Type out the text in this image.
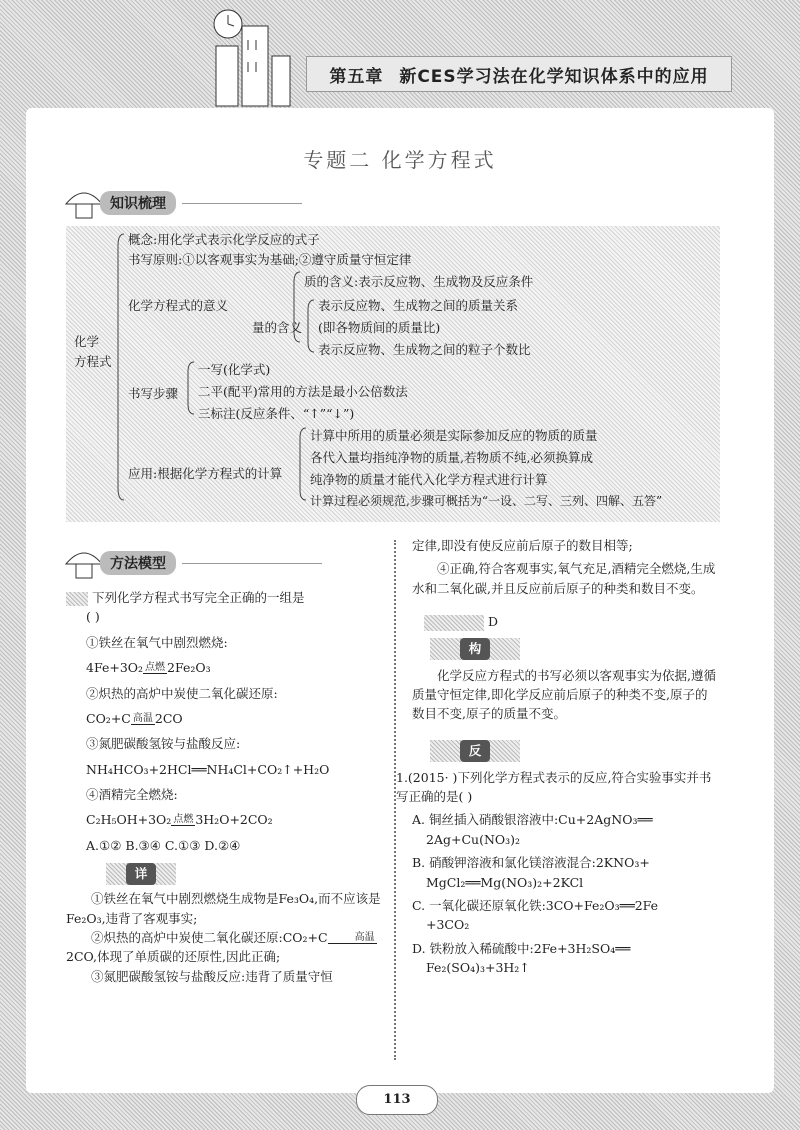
第五章 新CES学习法在化学知识体系中的应用
专题二 化学方程式
知识梳理
化学
方程式
概念:用化学式表示化学反应的式子
书写原则:①以客观事实为基础;②遵守质量守恒定律
化学方程式的意义
质的含义:表示反应物、生成物及反应条件
量的含义
表示反应物、生成物之间的质量关系
(即各物质间的质量比)
表示反应物、生成物之间的粒子个数比
书写步骤
一写(化学式)
二平(配平)常用的方法是最小公倍数法
三标注(反应条件、“↑”“↓”)
应用:根据化学方程式的计算
计算中所用的质量必须是实际参加反应的物质的质量
各代入量均指纯净物的质量,若物质不纯,必须换算成
纯净物的质量才能代入化学方程式进行计算
计算过程必须规范,步骤可概括为“一设、二写、三列、四解、五答”
方法模型

下列化学方程式书写完全正确的一组是

( )

①铁丝在氧气中剧烈燃烧:

4Fe+3O₂ 点燃 2Fe₂O₃

②炽热的高炉中炭使二氧化碳还原:

CO₂+C 高温 2CO

③氮肥碳酸氢铵与盐酸反应:

NH₄HCO₃+2HCl══NH₄Cl+CO₂↑+H₂O

④酒精完全燃烧:

C₂H₅OH+3O₂ 点燃 3H₂O+2CO₂

A.①② B.③④ C.①③ D.②④

详

①铁丝在氧气中剧烈燃烧生成物是Fe₃O₄,而不应该是Fe₂O₃,违背了客观事实;

②炽热的高炉中炭使二氧化碳还原:CO₂+C	高温
2CO,体现了单质碳的还原性,因此正确;

③氮肥碳酸氢铵与盐酸反应:违背了质量守恒

定律,即没有使反应前后原子的数目相等;

④正确,符合客观事实,氧气充足,酒精完全燃烧,生成水和二氧化碳,并且反应前后原子的种类和数目不变。

D

构

化学反应方程式的书写必须以客观事实为依据,遵循质量守恒定律,即化学反应前后原子的种类不变,原子的数目不变,原子的质量不变。

反

1.(2015· )下列化学方程式表示的反应,符合实验事实并书写正确的是( )

A. 铜丝插入硝酸银溶液中:Cu+2AgNO₃══

2Ag+Cu(NO₃)₂

B. 硝酸钾溶液和氯化镁溶液混合:2KNO₃+

MgCl₂══Mg(NO₃)₂+2KCl

C. 一氧化碳还原氧化铁:3CO+Fe₂O₃══2Fe

+3CO₂

D. 铁粉放入稀硫酸中:2Fe+3H₂SO₄══

Fe₂(SO₄)₃+3H₂↑

113
